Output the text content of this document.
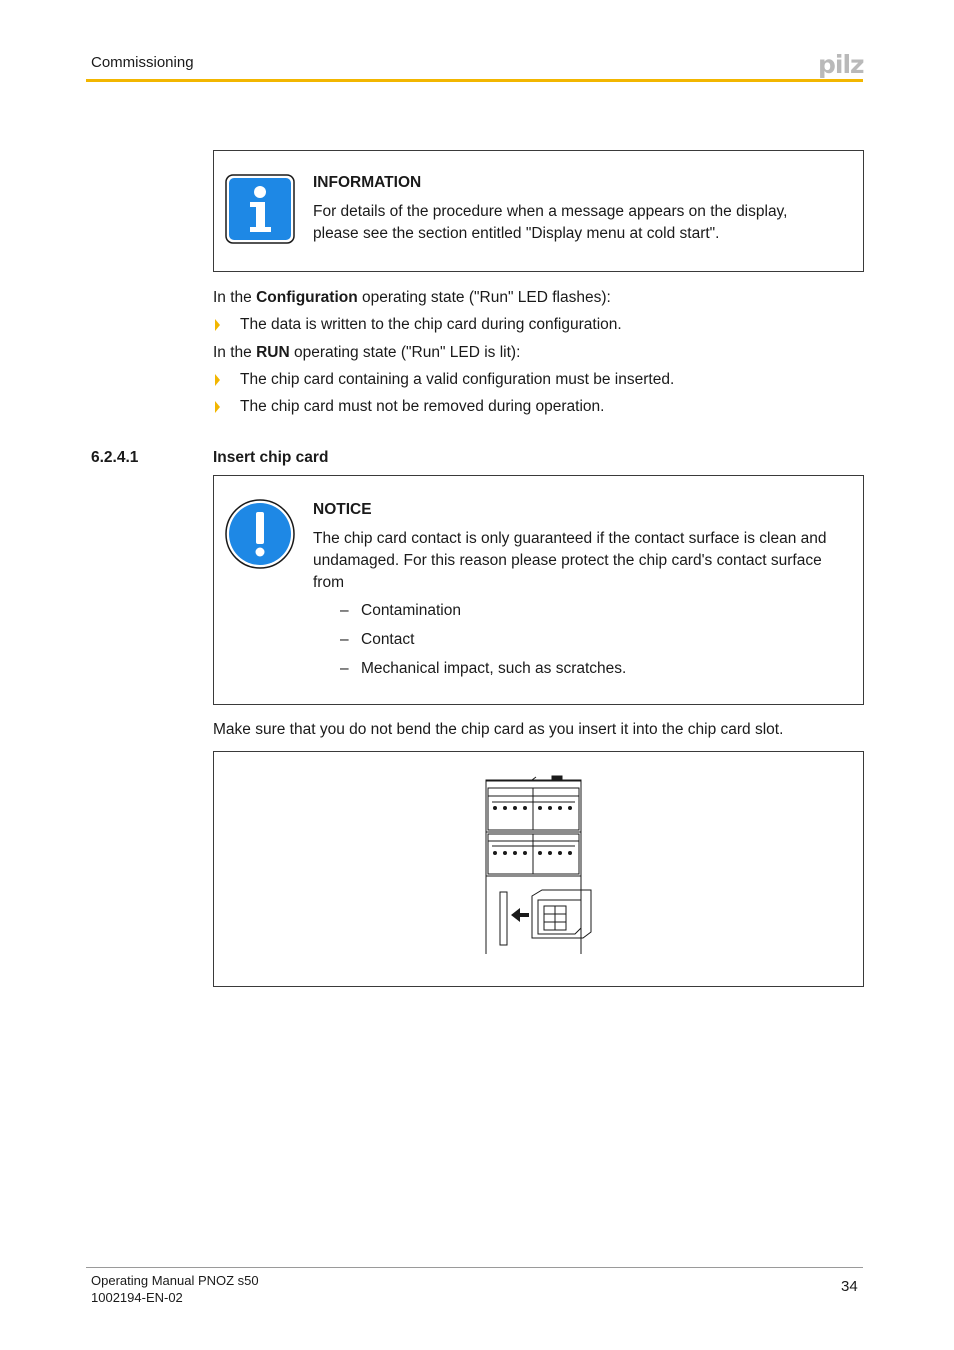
Commissioning	pilz
INFORMATION
For details of the procedure when a message appears on the display,
please see the section entitled "Display menu at cold start".
In the Configuration operating state ("Run" LED flashes):
The data is written to the chip card during configuration.
In the RUN operating state ("Run" LED is lit):
The chip card containing a valid configuration must be inserted.
The chip card must not be removed during operation.
6.2.4.1	Insert chip card
NOTICE
The chip card contact is only guaranteed if the contact surface is clean and
undamaged. For this reason please protect the chip card's contact surface
from
– Contamination
– Contact
– Mechanical impact, such as scratches.
Make sure that you do not bend the chip card as you insert it into the chip card slot.
Operating Manual PNOZ s50
1002194-EN-02
34
